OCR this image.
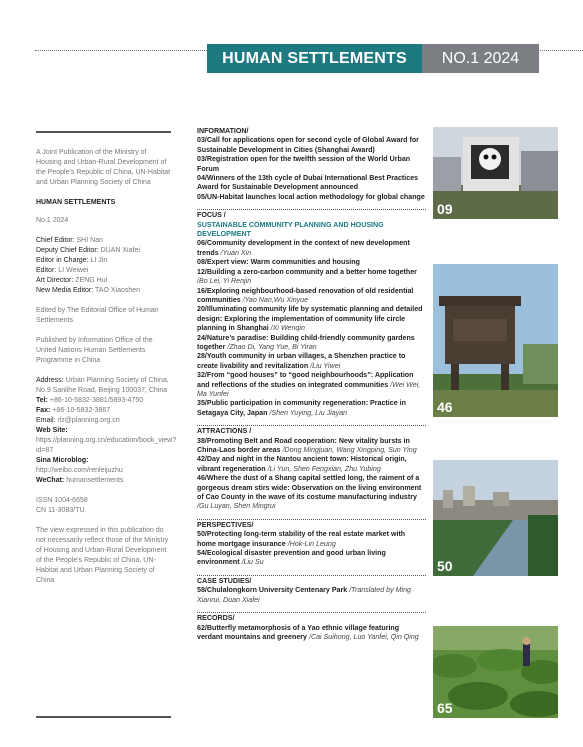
HUMAN SETTLEMENTS	NO.1 2024

A Joint Publication of the Ministry of Housing and Urban-Rural Development of the People’s Republic of China, UN-Habitat and Urban Planning Society of China

HUMAN SETTLEMENTS

No.1 2024

Chief Editor: SHI Nan
Deputy Chief Editor: DUAN Xiafei
Editor in Charge: LI Jin
Editor: LI Weiwei
Art Director: ZENG Hui
New Media Editor: TAO Xiaoshen

Edited by The Editorial Office of Human Settlements

Published by Information Office of the United Nations Human Settlements Programme in China

Address: Urban Planning Society of China, No.9 Sanlihe Road, Beijing 100037, China
Tel: +86-10-5832-3881/5893-4750
Fax: +86-10-5832-3867
Email: rlz@planning.org.cn
Web Site: https://planning.org.cn/education/book_view? id=87
Sina Microblog: http://weibo.com/renleijuzhu
WeChat: humansettlements

ISSN 1004-6658
CN 11-3083/TU

The view expressed in this publication do not necessarily reflect those of the Ministry of Housing and Urban-Rural Development of the People’s Republic of China, UN-Habitat and Urban Planning Society of China

INFORMATION/

03/Call for applications open for second cycle of Global Award for Sustainable Development in Cities (Shanghai Award)

03/Registration open for the twelfth session of the World Urban Forum

04/Winners of the 13th cycle of Dubai International Best Practices Award for Sustainable Development announced

05/UN-Habitat launches local action methodology for global change

FOCUS /

SUSTAINABLE COMMUNITY PLANNING AND HOUSING DEVELOPMENT

06/Community development in the context of new development trends /Yuan Xin

08/Expert view: Warm communities and housing

12/Building a zero-carbon community and a better home together /Bo Lei, Yi Renjin

16/Exploring neighbourhood-based renovation of old residential communities /Yao Nan,Wu Xinyue

20/Illuminating community life by systematic planning and detailed design: Exploring the implementation of community life circle planning in Shanghai /Xi Wenqin

24/Nature’s paradise: Building child-friendly community gardens together /Zhao Di, Yang Yue, Bi Yiran

28/Youth community in urban villages, a Shenzhen practice to create livability and revitalization /Liu Yiwei

32/From “good houses” to “good neighbourhoods”: Application and reflections of the studies on integrated communities /Wei Wei, Ma Yunfei

35/Public participation in community regeneration: Practice in Setagaya City, Japan /Shen Yuying, Liu Jiayan

ATTRACTIONS /

38/Promoting Belt and Road cooperation: New vitality bursts in China-Laos border areas /Dong Mingjuan, Wang Xingping, Sun Ying

42/Day and night in the Nantou ancient town: Historical origin, vibrant regeneration /Li Yun, Shen Fengxian, Zhu Yubing

46/Where the dust of a Shang capital settled long, the raiment of a gorgeous dream stirs wide: Observation on the living environment of Cao County in the wave of its costume manufacturing industry /Gu Luyan, Shen Mingrui

PERSPECTIVES/

50/Protecting long-term stability of the real estate market with home mortgage insurance /Hok-Lin Leung

54/Ecological disaster prevention and good urban living environment /Liu Su

CASE STUDIES/

58/Chulalongkorn University Centenary Park /Translated by Ming Xianrui, Duan Xiafei

RECORDS/

62/Butterfly metamorphosis of a Yao ethnic village featuring verdant mountains and greenery /Cai Suihong, Luo Yanfei, Qin Qing

09
46
50
65
